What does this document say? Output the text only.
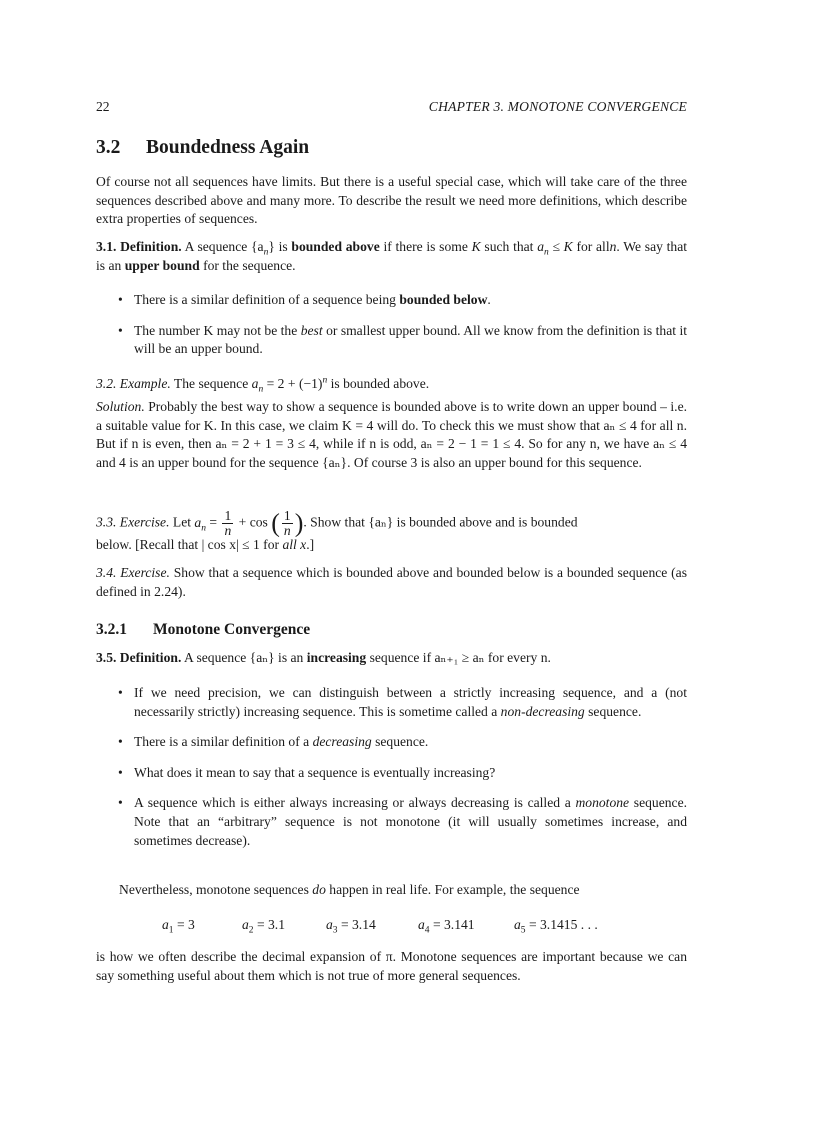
22	CHAPTER 3. MONOTONE CONVERGENCE
3.2 Boundedness Again

Of course not all sequences have limits. But there is a useful special case, which will take care of the three sequences described above and many more. To describe the result we need more definitions, which describe extra properties of sequences.

3.1. Definition. A sequence $\{a_n\}$ is bounded above if there is some K such that $a_n \le K$ for alln. We say that is an upper bound for the sequence.

• There is a similar definition of a sequence being bounded below.
• The number K may not be the best or smallest upper bound. All we know from the definition is that it will be an upper bound.

3.2. Example. The sequence $a_n = 2 + (-1)^n$ is bounded above.

Solution. Probably the best way to show a sequence is bounded above is to write down an upper bound – i.e. a suitable value for K. In this case, we claim K = 4 will do. To check this we must show that aₙ ≤ 4 for all n. But if n is even, then aₙ = 2 + 1 = 3 ≤ 4, while if n is odd, aₙ = 2 − 1 = 1 ≤ 4. So for any n, we have aₙ ≤ 4 and 4 is an upper bound for the sequence {aₙ}. Of course 3 is also an upper bound for this sequence.

3.3. Exercise. Let $a_n = \frac{1}{n} + \cos$ ( $\frac{1}{n}$ ). Show that {aₙ} is bounded above and is bounded

below. [Recall that | cos x| ≤ 1 for all x.]

3.4. Exercise. Show that a sequence which is bounded above and bounded below is a bounded sequence (as defined in 2.24).

3.2.1 Monotone Convergence

3.5. Definition. A sequence {aₙ} is an increasing sequence if aₙ₊₁ ≥ aₙ for every n.

• If we need precision, we can distinguish between a strictly increasing sequence, and a (not necessarily strictly) increasing sequence. This is sometime called a non-decreasing sequence.
• There is a similar definition of a decreasing sequence.
• What does it mean to say that a sequence is eventually increasing?
• A sequence which is either always increasing or always decreasing is called a monotone sequence. Note that an “arbitrary” sequence is not monotone (it will usually sometimes increase, and sometimes decrease).

Nevertheless, monotone sequences do happen in real life. For example, the sequence

$a_1 = 3$	$a_2 = 3.1$	$a_3 = 3.14$	$a_4 = 3.141$	$a_5 = 3.1415$ . . .

is how we often describe the decimal expansion of π. Monotone sequences are important because we can say something useful about them which is not true of more general sequences.
